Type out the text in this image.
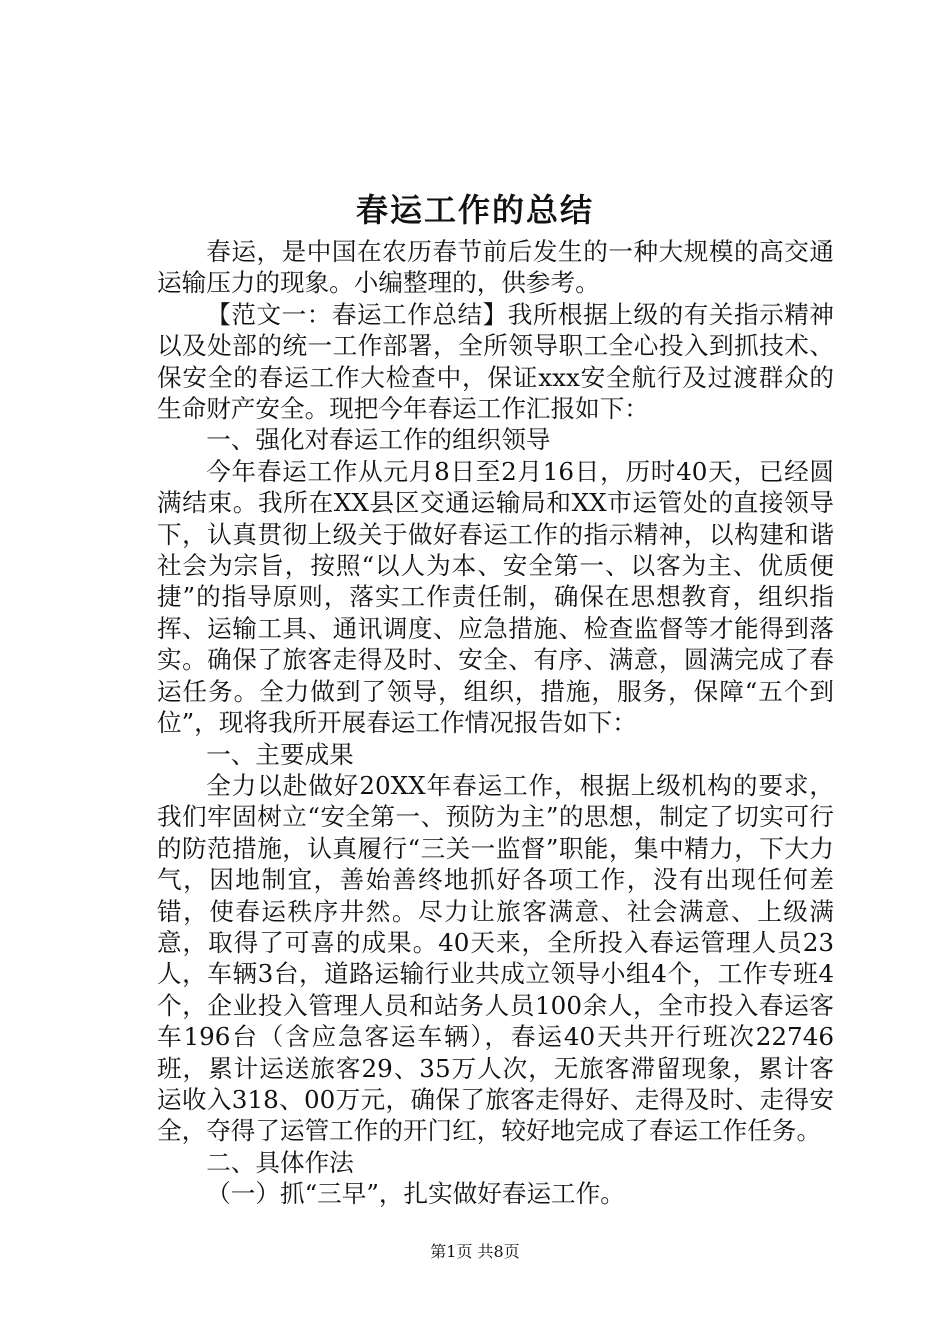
春运工作的总结

春运，是中国在农历春节前后发生的一种大规模的高交通运输压力的现象。小编整理的，供参考。

【范文一：春运工作总结】我所根据上级的有关指示精神以及处部的统一工作部署，全所领导职工全心投入到抓技术、保安全的春运工作大检查中，保证xxx安全航行及过渡群众的生命财产安全。现把今年春运工作汇报如下：

一、强化对春运工作的组织领导

今年春运工作从元月8日至2月16日，历时40天，已经圆满结束。我所在XX县区交通运输局和XX市运管处的直接领导下，认真贯彻上级关于做好春运工作的指示精神，以构建和谐社会为宗旨，按照“以人为本、安全第一、以客为主、优质便捷”的指导原则，落实工作责任制，确保在思想教育，组织指挥、运输工具、通讯调度、应急措施、检查监督等才能得到落实。确保了旅客走得及时、安全、有序、满意，圆满完成了春运任务。全力做到了领导，组织，措施，服务，保障“五个到位”，现将我所开展春运工作情况报告如下：

一、主要成果

全力以赴做好20XX年春运工作，根据上级机构的要求，我们牢固树立“安全第一、预防为主”的思想，制定了切实可行的防范措施，认真履行“三关一监督”职能，集中精力，下大力气，因地制宜，善始善终地抓好各项工作，没有出现任何差错，使春运秩序井然。尽力让旅客满意、社会满意、上级满意，取得了可喜的成果。40天来，全所投入春运管理人员23人，车辆3台，道路运输行业共成立领导小组4个，工作专班4个，企业投入管理人员和站务人员100余人，全市投入春运客车196台（含应急客运车辆），春运40天共开行班次22746班，累计运送旅客29、35万人次，无旅客滞留现象，累计客运收入318、00万元，确保了旅客走得好、走得及时、走得安全，夺得了运管工作的开门红，较好地完成了春运工作任务。

二、具体作法

（一）抓“三早”，扎实做好春运工作。

第1页 共8页
